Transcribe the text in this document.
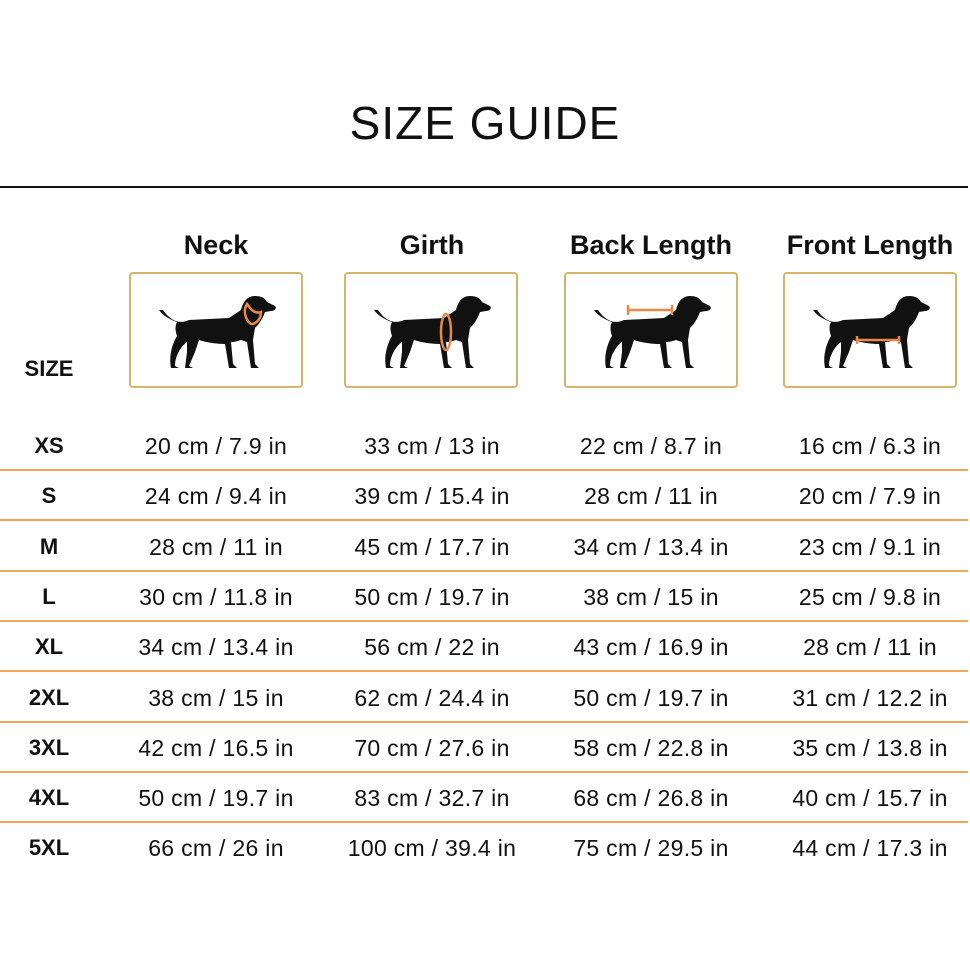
SIZE GUIDE
SIZE
Neck	Girth	Back Length	Front Length
XS	20 cm / 7.9 in	33 cm / 13 in	22 cm / 8.7 in	16 cm / 6.3 in
S	24 cm / 9.4 in	39 cm / 15.4 in	28 cm / 11 in	20 cm / 7.9 in
M	28 cm / 11 in	45 cm / 17.7 in	34 cm / 13.4 in	23 cm / 9.1 in
L	30 cm / 11.8 in	50 cm / 19.7 in	38 cm / 15 in	25 cm / 9.8 in
XL	34 cm / 13.4 in	56 cm / 22 in	43 cm / 16.9 in	28 cm / 11 in
2XL	38 cm / 15 in	62 cm / 24.4 in	50 cm / 19.7 in	31 cm / 12.2 in
3XL	42 cm / 16.5 in	70 cm / 27.6 in	58 cm / 22.8 in	35 cm / 13.8 in
4XL	50 cm / 19.7 in	83 cm / 32.7 in	68 cm / 26.8 in	40 cm / 15.7 in
5XL	66 cm / 26 in	100 cm / 39.4 in	75 cm / 29.5 in	44 cm / 17.3 in
